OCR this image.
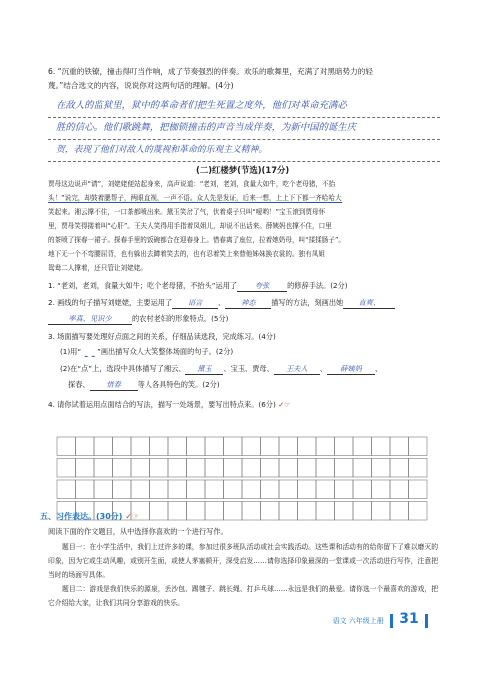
6. “沉重的铁镣，撞击得叮当作响，成了节奏强烈的伴奏。欢乐的歌舞里，充满了对黑暗势力的轻
蔑。”结合选文的内容，说说你对这两句话的理解。(4分)
在敌人的监狱里，狱中的革命者们把生死置之度外，他们对革命充满必
胜的信心。他们歌跳舞，把枷锁撞击的声音当成伴奏，为新中国的诞生庆
贺，表现了他们对敌人的蔑视和革命的乐观主义精神。
(二)红楼梦(节选)(17分)
贾母这边说声“请”，刘姥姥便站起身来，高声说道：“老刘，老刘，食量大如牛，吃个老母猪，不抬
头！”说完，却鼓着腮帮子，两眼直视，一声不语。众人先是发证，后来一想，上上下下都一齐哈哈大
笑起来。湘云撑不住，一口茶都喷出来。黛玉笑岔了气，伏着桌子只叫“嗳哟！”宝玉滚到贾母怀
里，贾母笑得搂着叫“心肝”。王夫人笑得用手指着凤姐儿，却说不出话来。薛姨妈也撑不住，口里
的茶喷了探春一裙子。探春手里的饭碗都合在迎春身上。惜春离了座位，拉着她奶母，叫“揉揉肠子”。
地下无一个不弯腰屈背，也有躲出去蹲着笑去的，也有忍着笑上来替他姊妹换衣裳的。独有凤姐
鸳鸯二人撑着，还只管让刘姥姥。
1. “老刘，老刘，食量大如牛；吃个老母猪，不抬头”运用了 夸张 的修辞手法。(2分)
2. 画线的句子描写刘姥姥，主要运用了 语言 、 神态 描写的方法，刻画出她 直爽、
率真、见识少	的农村老妇的形象特点。(5分)
3. 场面描写要处理好点面之间的关系，仔细品读选段，完成练习。(4分)
(1)用“​       ”画出描写众人大笑整体场面的句子。(2分)
(2)在“点”上，选段中具体描写了湘云、 黛玉 、宝玉、贾母、 王夫人 、 薛姨妈 、
探春、 惜春 等人各具特色的笑。(2分)
4. 请你试着运用点面结合的写法，描写一处场景，要写出特点来。(6分) ✓☞
五、习作表达。(30分) ✓☞
阅读下面的作文题目，从中选择你喜欢的一个进行写作。
题目一：在小学生活中，我们上过许多的课，参加过很多班队活动或社会实践活动。这些课和活动有的给你留下了难以磨灭的印象，因为它或生动风趣，或别开生面，或使人茅塞顿开，深受启发……请你选择印象最深的一堂课或一次活动进行写作，注意把当时的场面写具体。
题目二：游戏是我们快乐的源泉，丢沙包、踢毽子、跳长绳、打乒乓球……永远是我们的最爱。请你选一个最喜欢的游戏，把它介绍给大家，让我们共同分享游戏的快乐。
语文 六年级上册 31
